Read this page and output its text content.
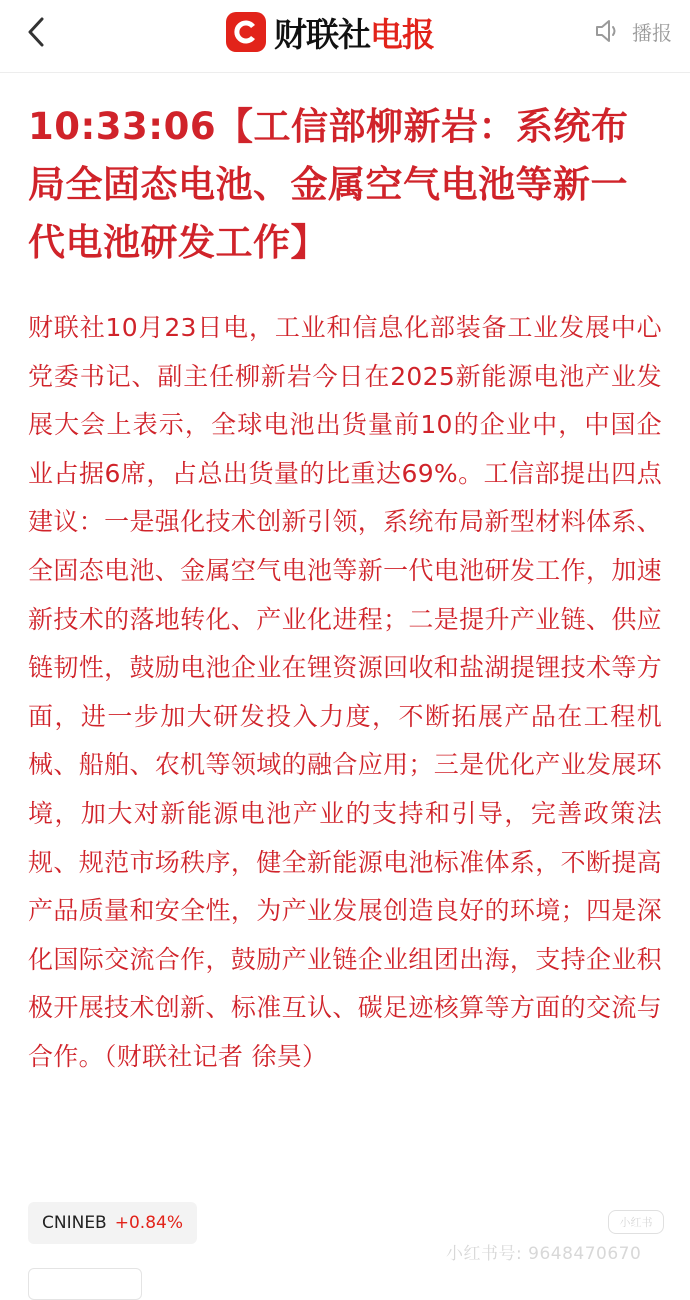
财联社 电报	播报
10:33:06【工信部柳新岩：系统布局全固态电池、金属空气电池等新一代电池研发工作】
财联社10月23日电，工业和信息化部装备工业发展中心党委书记、副主任柳新岩今日在2025新能源电池产业发展大会上表示，全球电池出货量前10的企业中，中国企业占据6席，占总出货量的比重达69%。工信部提出四点建议：一是强化技术创新引领，系统布局新型材料体系、全固态电池、金属空气电池等新一代电池研发工作，加速新技术的落地转化、产业化进程；二是提升产业链、供应链韧性，鼓励电池企业在锂资源回收和盐湖提锂技术等方面，进一步加大研发投入力度，不断拓展产品在工程机械、船舶、农机等领域的融合应用；三是优化产业发展环境，加大对新能源电池产业的支持和引导，完善政策法规、规范市场秩序，健全新能源电池标准体系，不断提高产品质量和安全性，为产业发展创造良好的环境；四是深化国际交流合作，鼓励产业链企业组团出海，支持企业积极开展技术创新、标准互认、碳足迹核算等方面的交流与合作。（财联社记者 徐昊）
CNINEB +0.84%	小红书
小红书号: 9648470670
